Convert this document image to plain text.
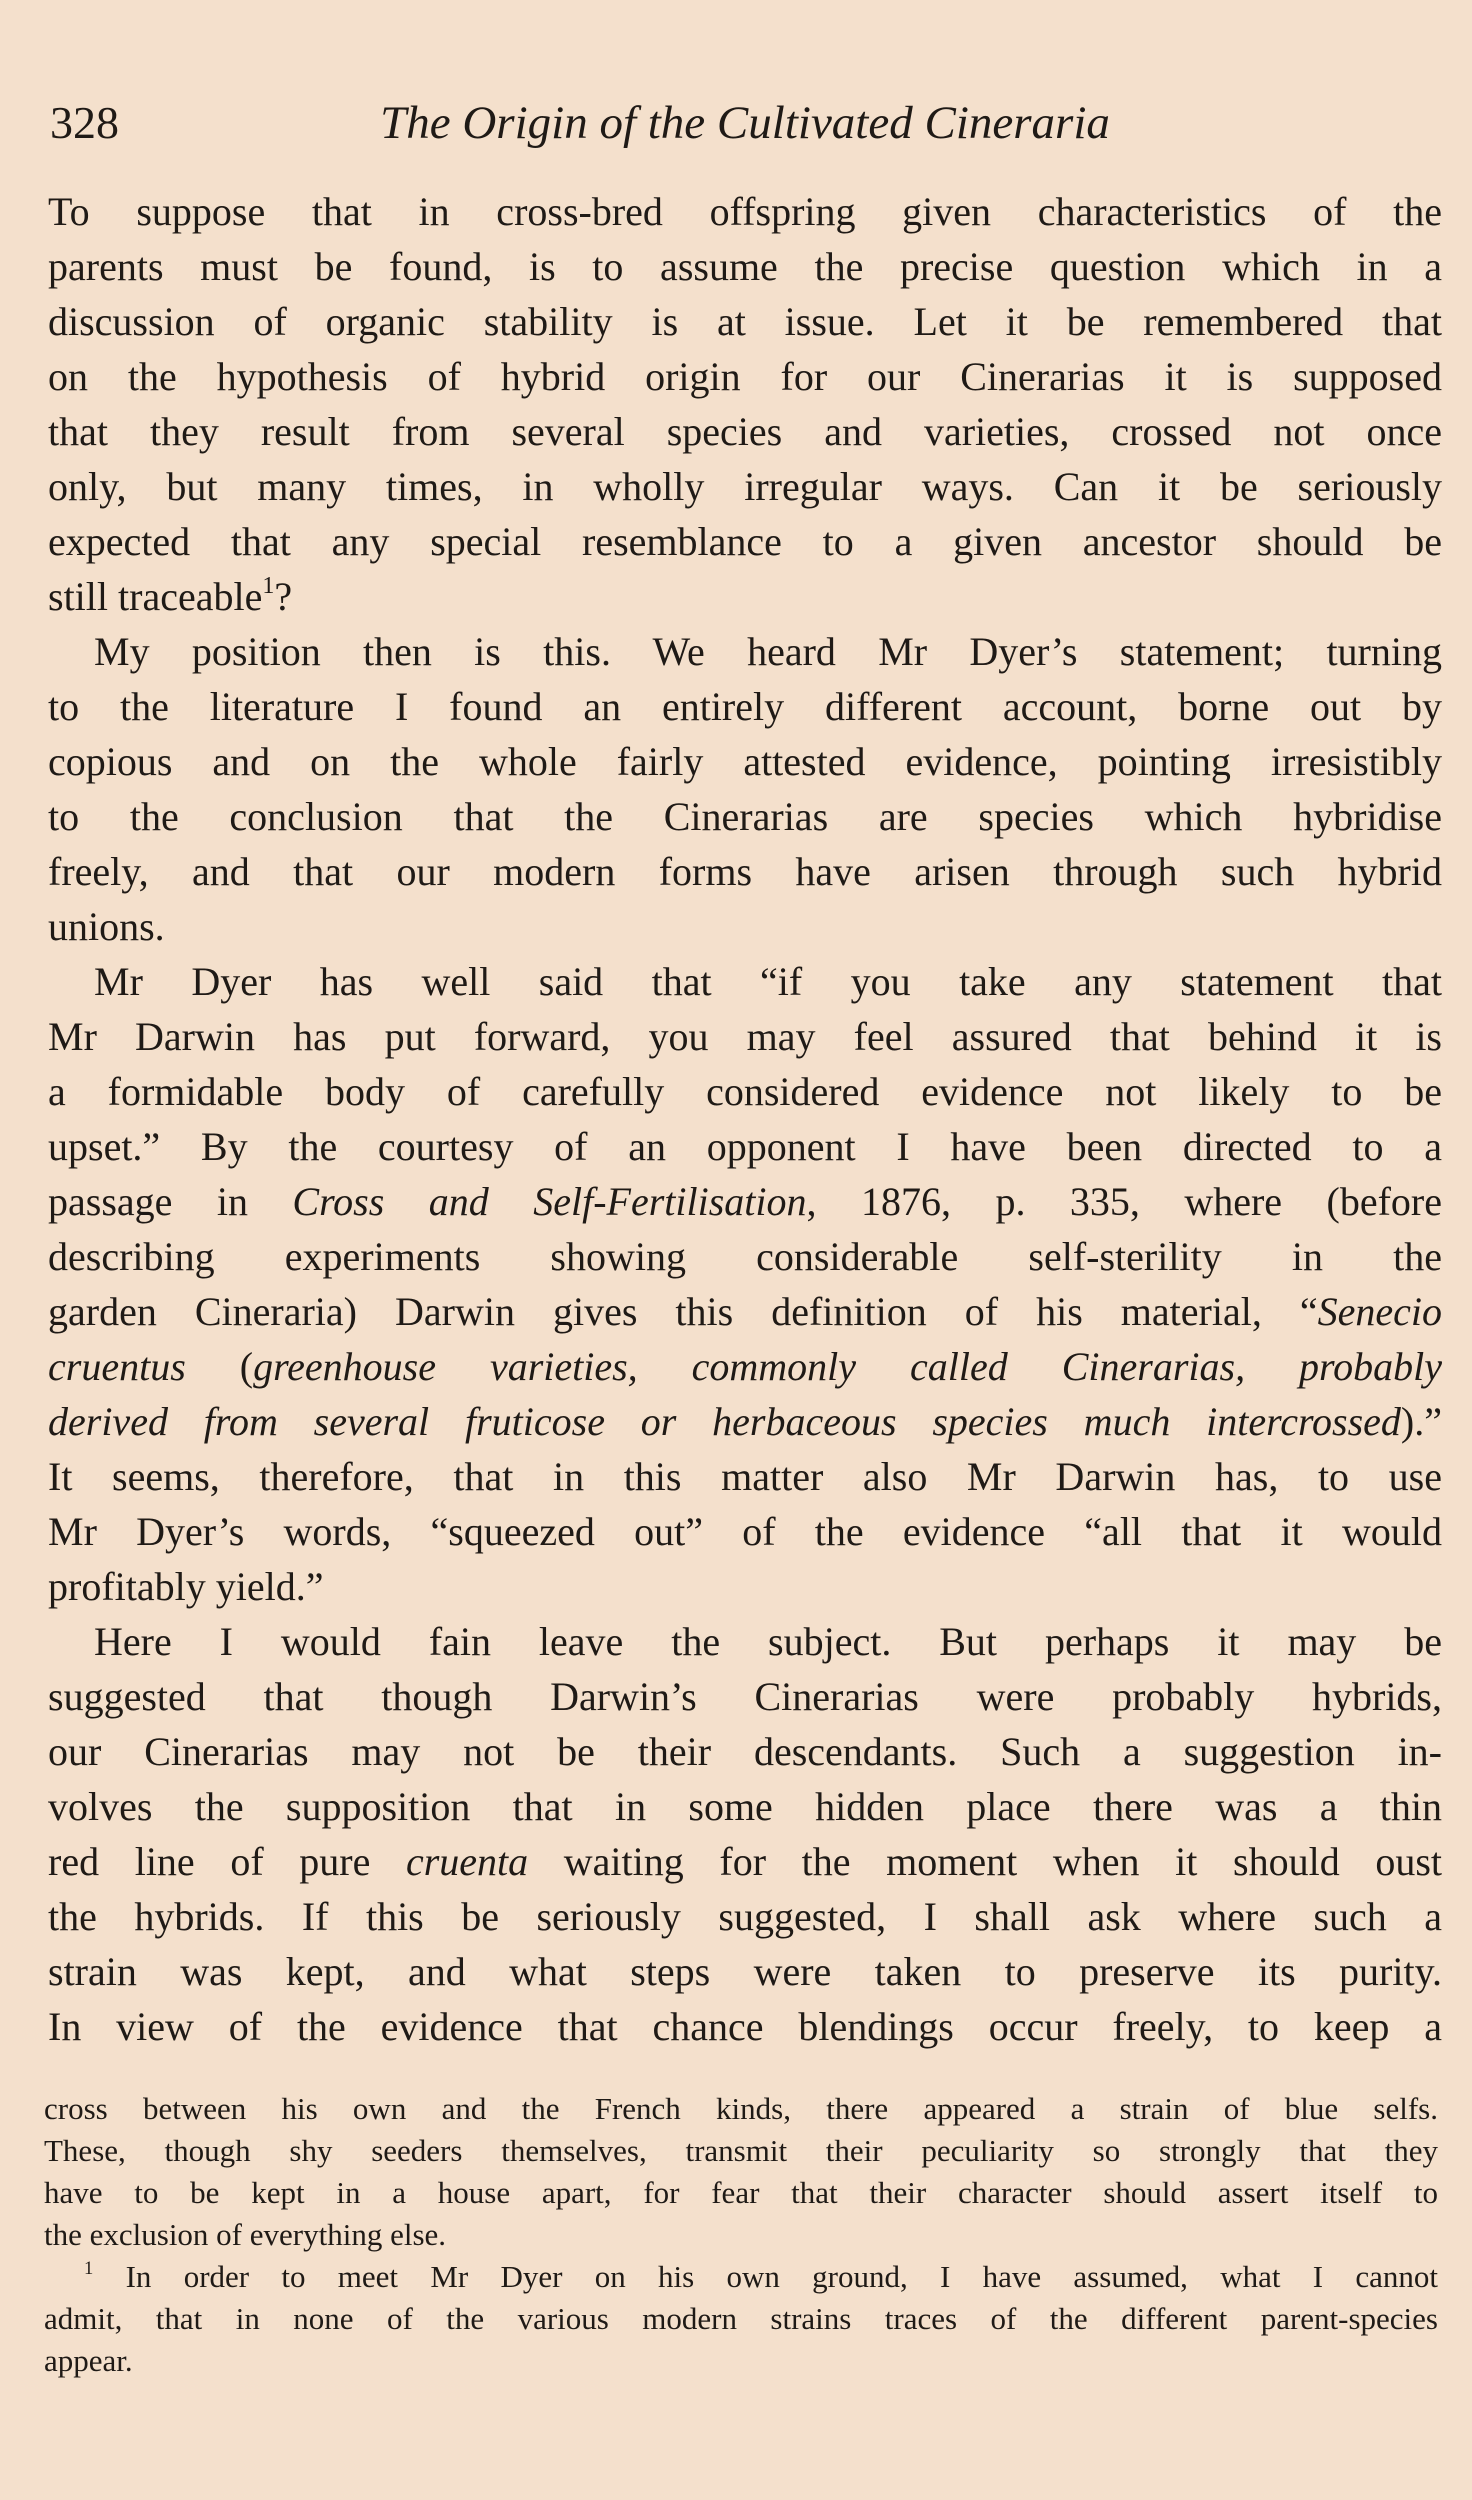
328	The Origin of the Cultivated Cineraria
To suppose that in cross-bred offspring given characteristics of the
parents must be found, is to assume the precise question which in a
discussion of organic stability is at issue. Let it be remembered that
on the hypothesis of hybrid origin for our Cinerarias it is supposed
that they result from several species and varieties, crossed not once
only, but many times, in wholly irregular ways. Can it be seriously
expected that any special resemblance to a given ancestor should be
still traceable$^1$?
My position then is this. We heard Mr Dyer’s statement; turning
to the literature I found an entirely different account, borne out by
copious and on the whole fairly attested evidence, pointing irresistibly
to the conclusion that the Cinerarias are species which hybridise
freely, and that our modern forms have arisen through such hybrid
unions.
Mr Dyer has well said that “if you take any statement that
Mr Darwin has put forward, you may feel assured that behind it is
a formidable body of carefully considered evidence not likely to be
upset.” By the courtesy of an opponent I have been directed to a
passage in Cross and Self-Fertilisation, 1876, p. 335, where (before
describing experiments showing considerable self-sterility in the
garden Cineraria) Darwin gives this definition of his material, “Senecio
cruentus (greenhouse varieties, commonly called Cinerarias, probably
derived from several fruticose or herbaceous species much intercrossed).”
It seems, therefore, that in this matter also Mr Darwin has, to use
Mr Dyer’s words, “squeezed out” of the evidence “all that it would
profitably yield.”
Here I would fain leave the subject. But perhaps it may be
suggested that though Darwin’s Cinerarias were probably hybrids,
our Cinerarias may not be their descendants. Such a suggestion in-
volves the supposition that in some hidden place there was a thin
red line of pure cruenta waiting for the moment when it should oust
the hybrids. If this be seriously suggested, I shall ask where such a
strain was kept, and what steps were taken to preserve its purity.
In view of the evidence that chance blendings occur freely, to keep a
cross between his own and the French kinds, there appeared a strain of blue selfs.
These, though shy seeders themselves, transmit their peculiarity so strongly that they
have to be kept in a house apart, for fear that their character should assert itself to
the exclusion of everything else.
$^1$ In order to meet Mr Dyer on his own ground, I have assumed, what I cannot
admit, that in none of the various modern strains traces of the different parent-species
appear.
